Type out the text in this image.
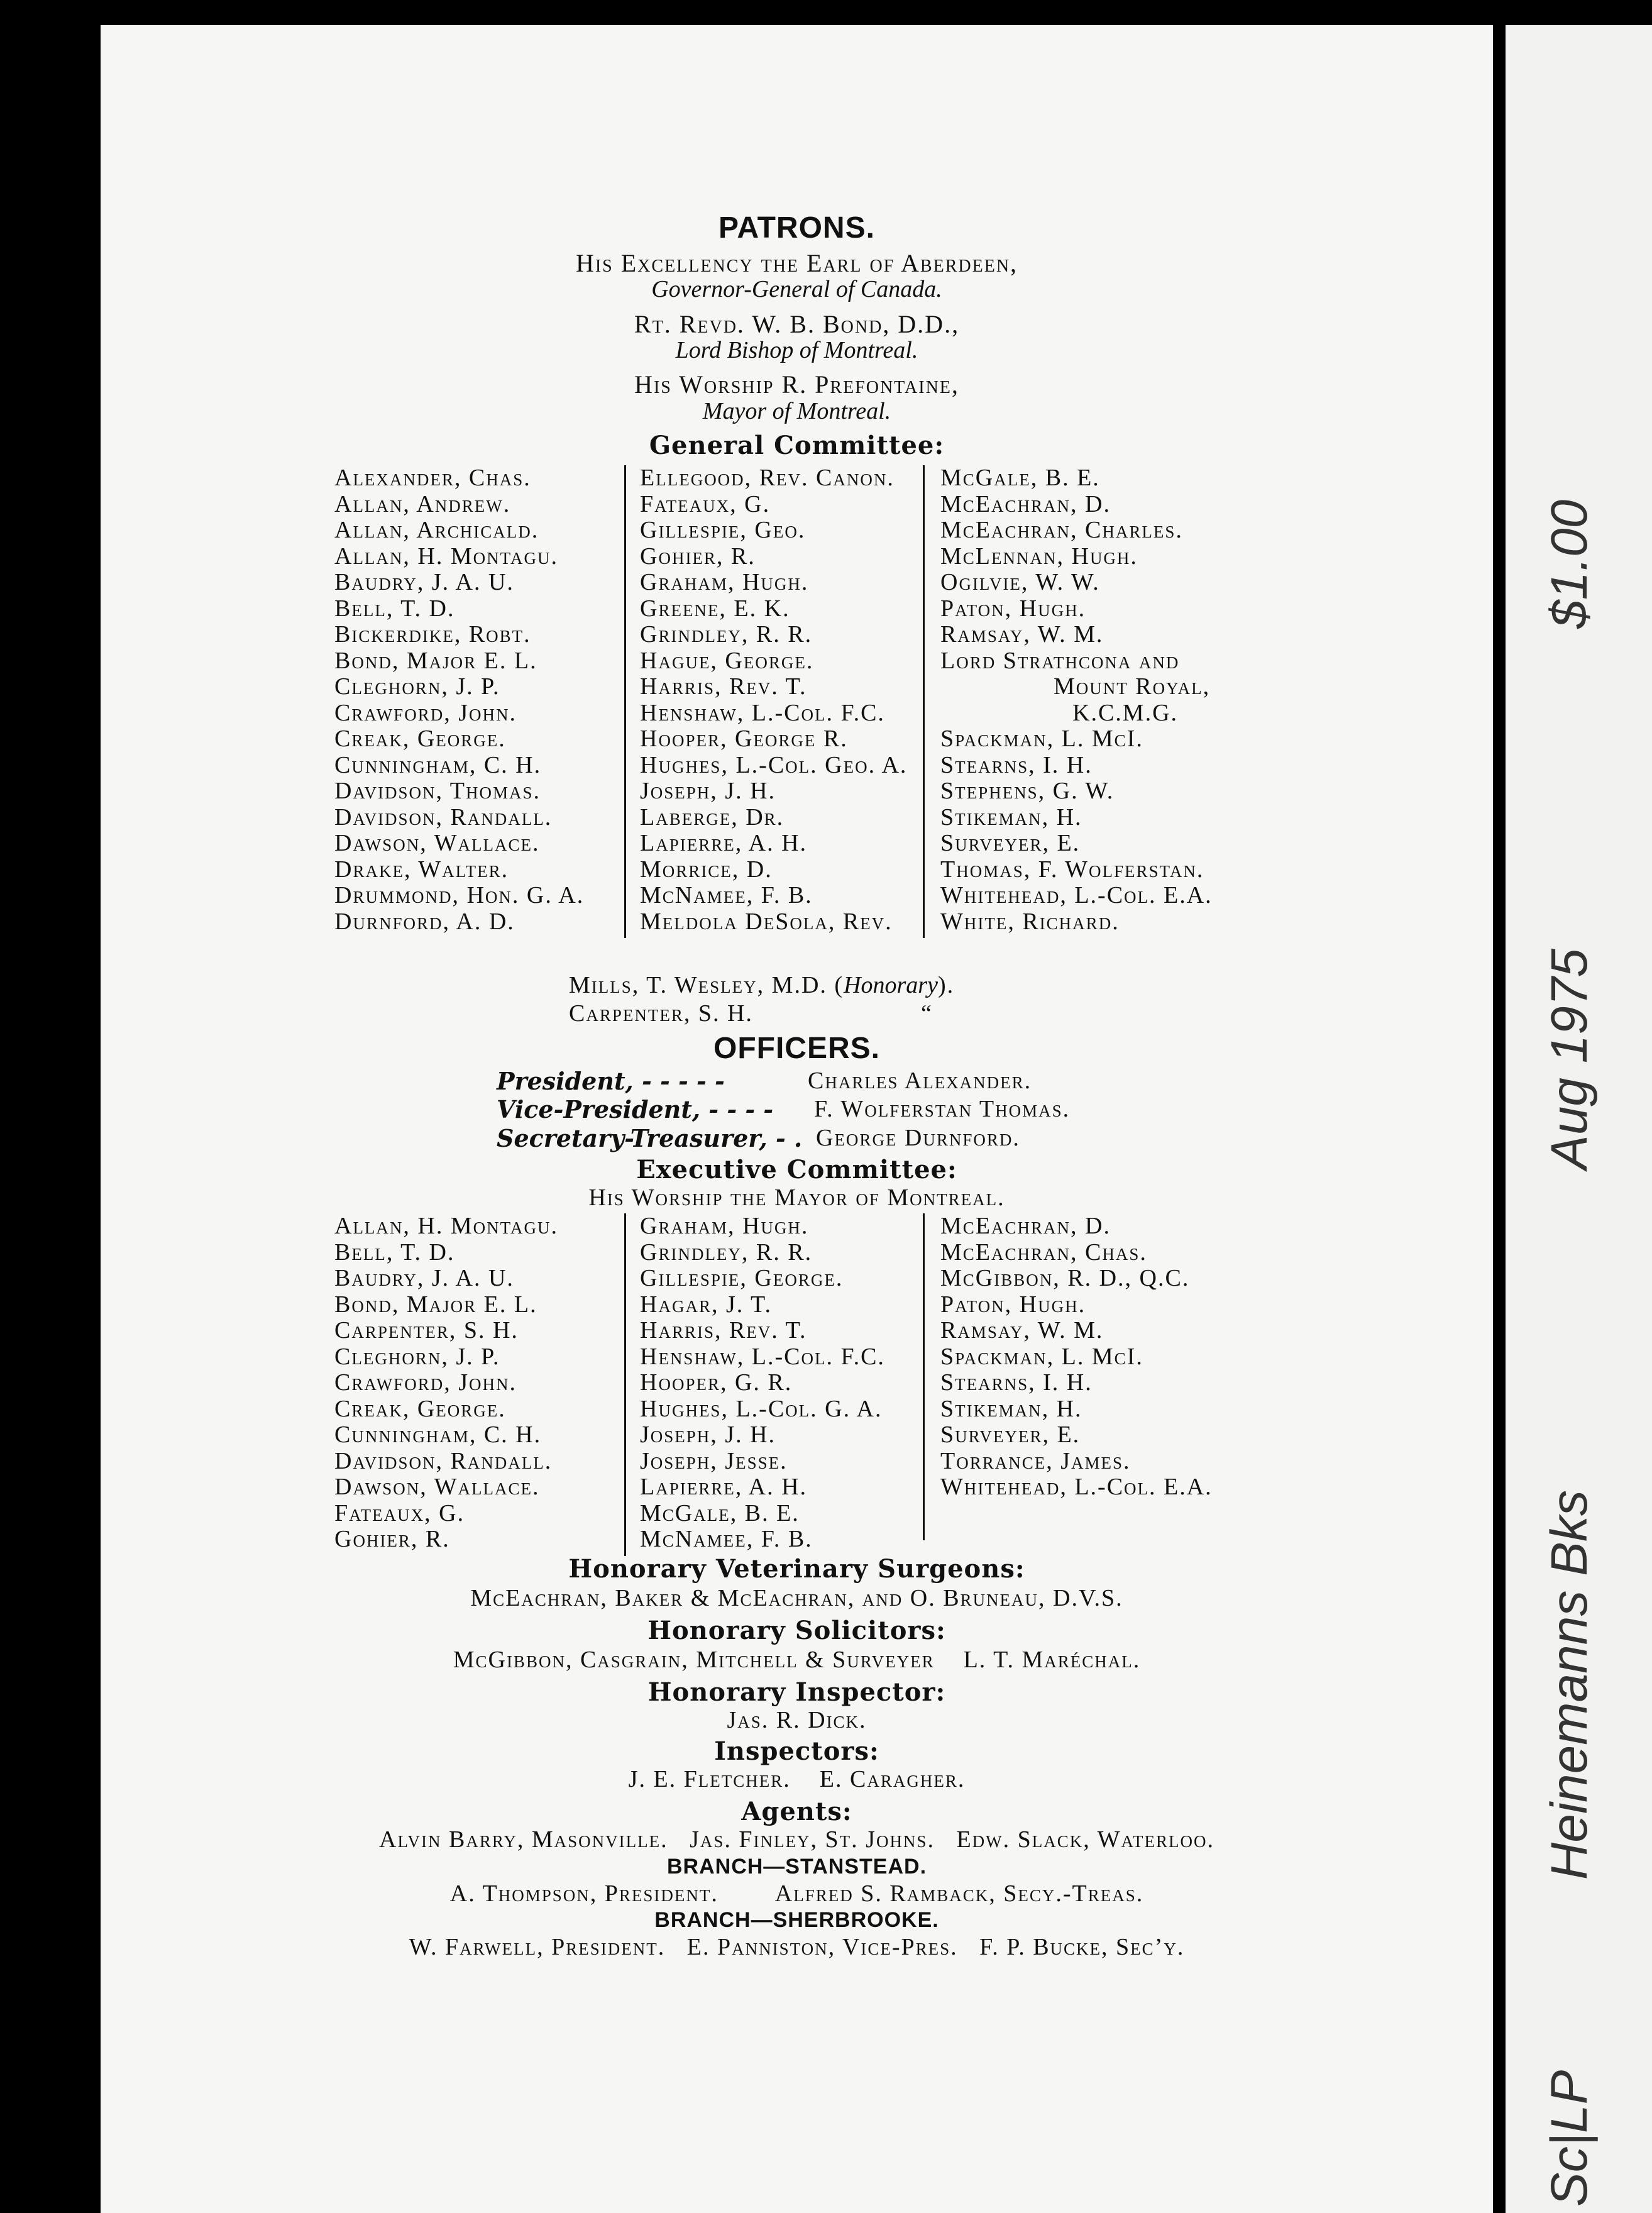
PATRONS.
His Excellency the Earl of Aberdeen,
Governor-General of Canada.
Rt. Revd. W. B. Bond, D.D.,
Lord Bishop of Montreal.
His Worship R. Prefontaine,
Mayor of Montreal.
General Committee:
Alexander, Chas.
Allan, Andrew.
Allan, Archicald.
Allan, H. Montagu.
Baudry, J. A. U.
Bell, T. D.
Bickerdike, Robt.
Bond, Major E. L.
Cleghorn, J. P.
Crawford, John.
Creak, George.
Cunningham, C. H.
Davidson, Thomas.
Davidson, Randall.
Dawson, Wallace.
Drake, Walter.
Drummond, Hon. G. A.
Durnford, A. D.
Ellegood, Rev. Canon.
Fateaux, G.
Gillespie, Geo.
Gohier, R.
Graham, Hugh.
Greene, E. K.
Grindley, R. R.
Hague, George.
Harris, Rev. T.
Henshaw, L.-Col. F.C.
Hooper, George R.
Hughes, L.-Col. Geo. A.
Joseph, J. H.
Laberge, Dr.
Lapierre, A. H.
Morrice, D.
McNamee, F. B.
Meldola DeSola, Rev.
McGale, B. E.
McEachran, D.
McEachran, Charles.
McLennan, Hugh.
Ogilvie, W. W.
Paton, Hugh.
Ramsay, W. M.
Lord Strathcona and
Mount Royal,
K.C.M.G.
Spackman, L. McI.
Stearns, I. H.
Stephens, G. W.
Stikeman, H.
Surveyer, E.
Thomas, F. Wolferstan.
Whitehead, L.-Col. E.A.
White, Richard.
Mills, T. Wesley, M.D. (Honorary).
Carpenter, S. H.	“
OFFICERS.
President, - - - - -	Charles Alexander.
Vice-President, - - - - F. Wolferstan Thomas.
Secretary-Treasurer, - . George Durnford.
Executive Committee:
His Worship the Mayor of Montreal.
Allan, H. Montagu.
Bell, T. D.
Baudry, J. A. U.
Bond, Major E. L.
Carpenter, S. H.
Cleghorn, J. P.
Crawford, John.
Creak, George.
Cunningham, C. H.
Davidson, Randall.
Dawson, Wallace.
Fateaux, G.
Gohier, R.
Graham, Hugh.
Grindley, R. R.
Gillespie, George.
Hagar, J. T.
Harris, Rev. T.
Henshaw, L.-Col. F.C.
Hooper, G. R.
Hughes, L.-Col. G. A.
Joseph, J. H.
Joseph, Jesse.
Lapierre, A. H.
McGale, B. E.
McNamee, F. B.
McEachran, D.
McEachran, Chas.
McGibbon, R. D., Q.C.
Paton, Hugh.
Ramsay, W. M.
Spackman, L. McI.
Stearns, I. H.
Stikeman, H.
Surveyer, E.
Torrance, James.
Whitehead, L.-Col. E.A.
Honorary Veterinary Surgeons:
McEachran, Baker & McEachran, and O. Bruneau, D.V.S.
Honorary Solicitors:
McGibbon, Casgrain, Mitchell & Surveyer    L. T. Maréchal.
Honorary Inspector:
Jas. R. Dick.
Inspectors:
J. E. Fletcher.    E. Caragher.
Agents:
Alvin Barry, Masonville.   Jas. Finley, St. Johns.   Edw. Slack, Waterloo.
BRANCH—STANSTEAD.
A. Thompson, President.        Alfred S. Ramback, Secy.-Treas.
BRANCH—SHERBROOKE.
W. Farwell, President.   E. Panniston, Vice-Pres.   F. P. Bucke, Sec’y.
$1.00
Aug 1975
Heinemanns Bks
Sc|LP
